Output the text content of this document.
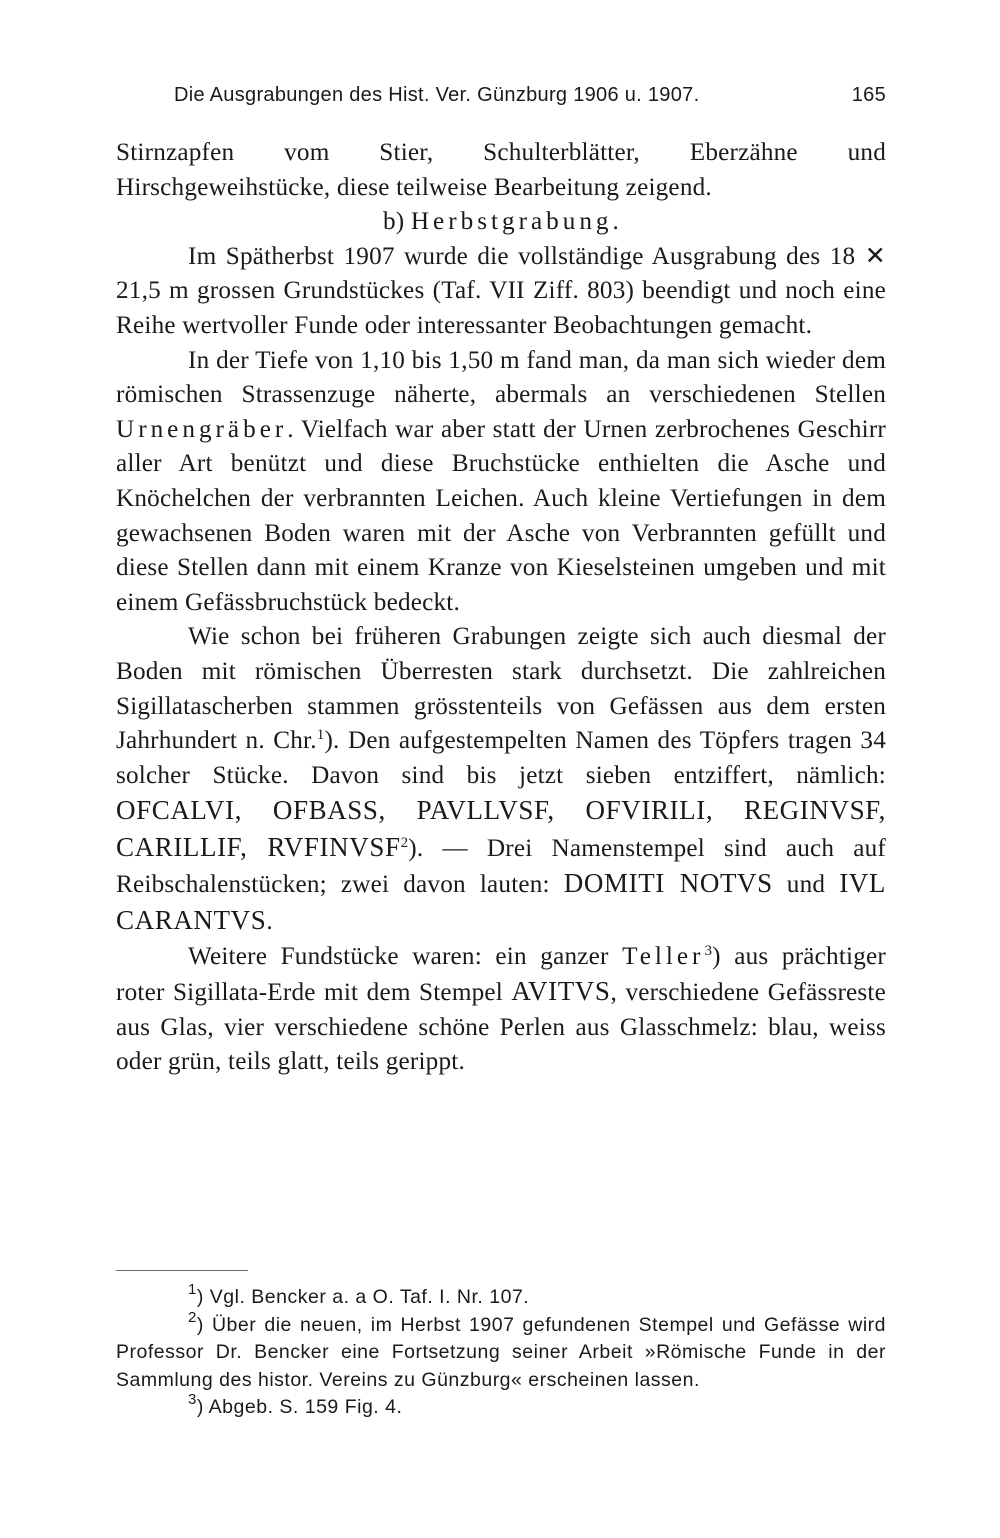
Die Ausgrabungen des Hist. Ver. Günzburg 1906 u. 1907.	165

Stirnzapfen vom Stier, Schulterblätter, Eberzähne und Hirschgeweihstücke, diese teilweise Bearbeitung zeigend.

b) Herbstgrabung.

Im Spätherbst 1907 wurde die vollständige Ausgrabung des 18 ✕ 21,5 m grossen Grundstückes (Taf. VII Ziff. 803) beendigt und noch eine Reihe wertvoller Funde oder interessanter Beobachtungen gemacht.

In der Tiefe von 1,10 bis 1,50 m fand man, da man sich wieder dem römischen Strassenzuge näherte, abermals an verschiedenen Stellen Urnengräber. Vielfach war aber statt der Urnen zerbrochenes Geschirr aller Art benützt und diese Bruchstücke enthielten die Asche und Knöchelchen der verbrannten Leichen. Auch kleine Vertiefungen in dem gewachsenen Boden waren mit der Asche von Verbrannten gefüllt und diese Stellen dann mit einem Kranze von Kieselsteinen umgeben und mit einem Gefässbruchstück bedeckt.

Wie schon bei früheren Grabungen zeigte sich auch diesmal der Boden mit römischen Überresten stark durchsetzt. Die zahlreichen Sigillatascherben stammen grösstenteils von Gefässen aus dem ersten Jahrhundert n. Chr.$^1$). Den aufgestempelten Namen des Töpfers tragen 34 solcher Stücke. Davon sind bis jetzt sieben entziffert, nämlich: OFCALVI, OFBASS, PAVLLVSF, OFVIRILI, REGINVSF, CARILLIF, RVFINVSF$^2$). — Drei Namenstempel sind auch auf Reibschalenstücken; zwei davon lauten: DOMITI NOTVS und IVL CARANTVS.

Weitere Fundstücke waren: ein ganzer Teller$^3$) aus prächtiger roter Sigillata-Erde mit dem Stempel AVITVS, verschiedene Gefässreste aus Glas, vier verschiedene schöne Perlen aus Glasschmelz: blau, weiss oder grün, teils glatt, teils gerippt.

$^1$) Vgl. Bencker a. a O. Taf. I. Nr. 107.

$^2$) Über die neuen, im Herbst 1907 gefundenen Stempel und Gefässe wird Professor Dr. Bencker eine Fortsetzung seiner Arbeit »Römische Funde in der Sammlung des histor. Vereins zu Günzburg« erscheinen lassen.

$^3$) Abgeb. S. 159 Fig. 4.
